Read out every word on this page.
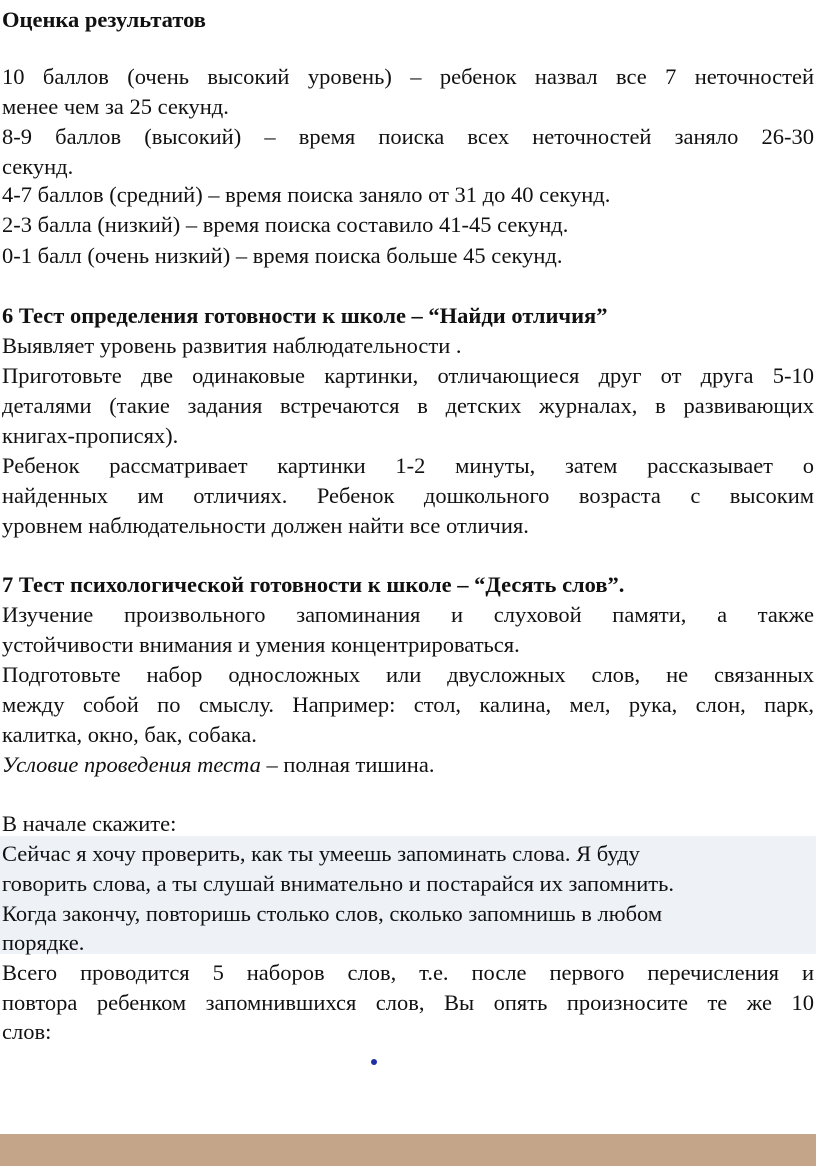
Оценка результатов
10 баллов (очень высокий уровень) – ребенок назвал все 7 неточностей
менее чем за 25 секунд.
8-9 баллов (высокий) – время поиска всех неточностей заняло 26-30
секунд.
4-7 баллов (средний) – время поиска заняло от 31 до 40 секунд.
2-3 балла (низкий) – время поиска составило 41-45 секунд.
0-1 балл (очень низкий) – время поиска больше 45 секунд.
6 Тест определения готовности к школе – “Найди отличия”
Выявляет уровень развития наблюдательности .
Приготовьте две одинаковые картинки, отличающиеся друг от друга 5-10
деталями (такие задания встречаются в детских журналах, в развивающих
книгах-прописях).
Ребенок рассматривает картинки 1-2 минуты, затем рассказывает о
найденных им отличиях. Ребенок дошкольного возраста с высоким
уровнем наблюдательности должен найти все отличия.
7 Тест психологической готовности к школе – “Десять слов”.
Изучение произвольного запоминания и слуховой памяти, а также
устойчивости внимания и умения концентрироваться.
Подготовьте набор односложных или двусложных слов, не связанных
между собой по смыслу. Например: стол, калина, мел, рука, слон, парк,
калитка, окно, бак, собака.
Условие проведения теста – полная тишина.
В начале скажите:
Сейчас я хочу проверить, как ты умеешь запоминать слова. Я буду
говорить слова, а ты слушай внимательно и постарайся их запомнить.
Когда закончу, повторишь столько слов, сколько запомнишь в любом
порядке.
Всего проводится 5 наборов слов, т.е. после первого перечисления и
повтора ребенком запомнившихся слов, Вы опять произносите те же 10
слов:
